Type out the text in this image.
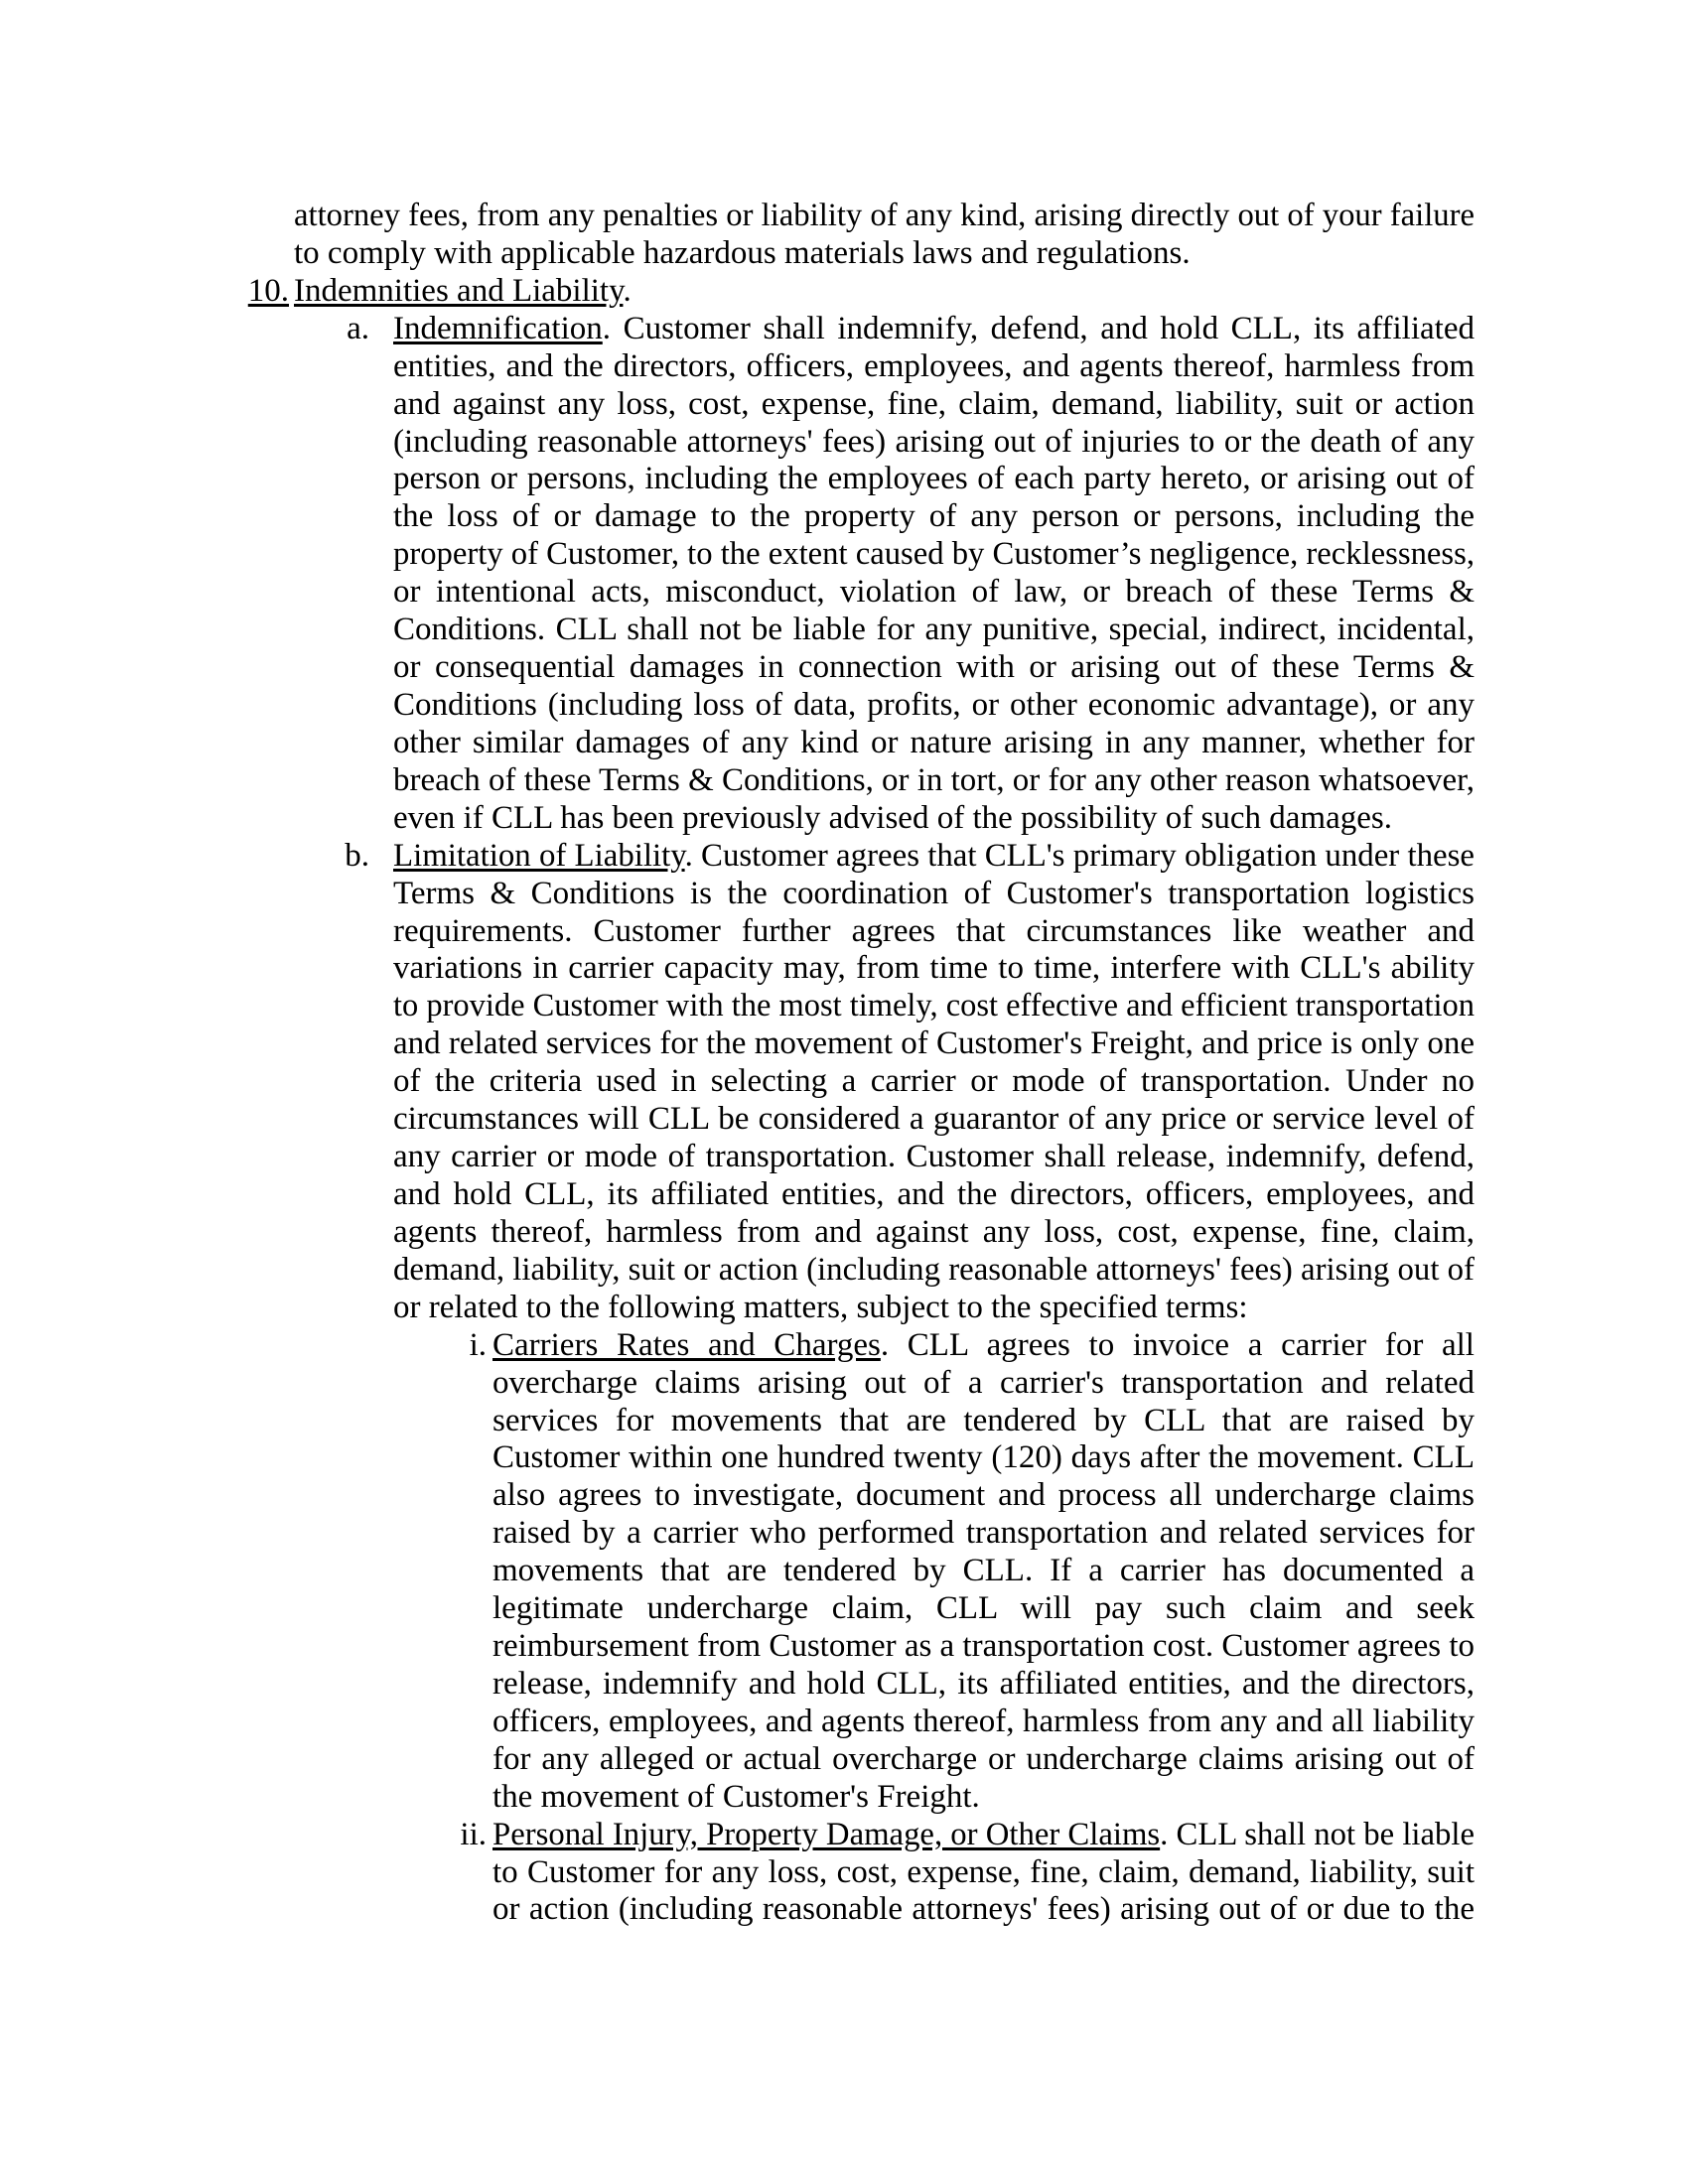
attorney fees, from any penalties or liability of any kind, arising directly out of your failure
to comply with applicable hazardous materials laws and regulations.
10. Indemnities and Liability.
a. Indemnification. Customer shall indemnify, defend, and hold CLL, its affiliated
entities, and the directors, officers, employees, and agents thereof, harmless from
and against any loss, cost, expense, fine, claim, demand, liability, suit or action
(including reasonable attorneys' fees) arising out of injuries to or the death of any
person or persons, including the employees of each party hereto, or arising out of
the loss of or damage to the property of any person or persons, including the
property of Customer, to the extent caused by Customer’s negligence, recklessness,
or intentional acts, misconduct, violation of law, or breach of these Terms &
Conditions. CLL shall not be liable for any punitive, special, indirect, incidental,
or consequential damages in connection with or arising out of these Terms &
Conditions (including loss of data, profits, or other economic advantage), or any
other similar damages of any kind or nature arising in any manner, whether for
breach of these Terms & Conditions, or in tort, or for any other reason whatsoever,
even if CLL has been previously advised of the possibility of such damages.
b. Limitation of Liability. Customer agrees that CLL's primary obligation under these
Terms & Conditions is the coordination of Customer's transportation logistics
requirements. Customer further agrees that circumstances like weather and
variations in carrier capacity may, from time to time, interfere with CLL's ability
to provide Customer with the most timely, cost effective and efficient transportation
and related services for the movement of Customer's Freight, and price is only one
of the criteria used in selecting a carrier or mode of transportation. Under no
circumstances will CLL be considered a guarantor of any price or service level of
any carrier or mode of transportation. Customer shall release, indemnify, defend,
and hold CLL, its affiliated entities, and the directors, officers, employees, and
agents thereof, harmless from and against any loss, cost, expense, fine, claim,
demand, liability, suit or action (including reasonable attorneys' fees) arising out of
or related to the following matters, subject to the specified terms:
i. Carriers Rates and Charges. CLL agrees to invoice a carrier for all
overcharge claims arising out of a carrier's transportation and related
services for movements that are tendered by CLL that are raised by
Customer within one hundred twenty (120) days after the movement. CLL
also agrees to investigate, document and process all undercharge claims
raised by a carrier who performed transportation and related services for
movements that are tendered by CLL. If a carrier has documented a
legitimate undercharge claim, CLL will pay such claim and seek
reimbursement from Customer as a transportation cost. Customer agrees to
release, indemnify and hold CLL, its affiliated entities, and the directors,
officers, employees, and agents thereof, harmless from any and all liability
for any alleged or actual overcharge or undercharge claims arising out of
the movement of Customer's Freight.
ii. Personal Injury, Property Damage, or Other Claims. CLL shall not be liable
to Customer for any loss, cost, expense, fine, claim, demand, liability, suit
or action (including reasonable attorneys' fees) arising out of or due to the
